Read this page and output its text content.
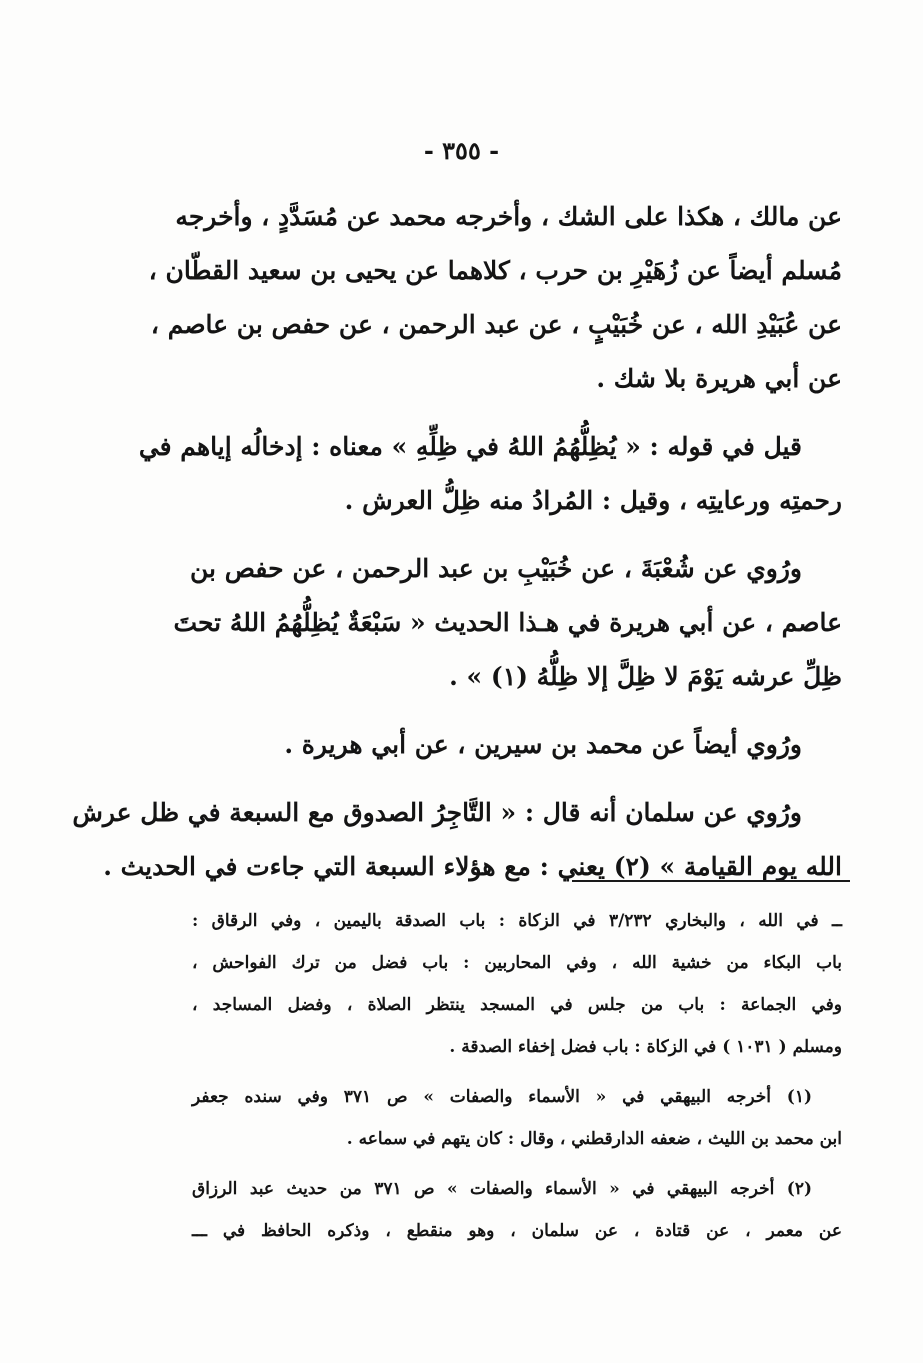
- ٣٥٥ -
عن مالك ، هكذا على الشك ، وأخرجه محمد عن مُسَدَّدٍ ، وأخرجه
مُسلم أيضاً عن زُهَيْرِ بن حرب ، كلاهما عن يحيى بن سعيد القطّان ،
عن عُبَيْدِ الله ، عن خُبَيْبٍ ، عن عبد الرحمن ، عن حفص بن عاصم ،
عن أبي هريرة بلا شك .
قيل في قوله : « يُظِلُّهُمُ اللهُ في ظِلِّهِ » معناه : إدخالُه إياهم في
رحمتِه ورعايتِه ، وقيل : المُرادُ منه ظِلُّ العرش .
ورُوي عن شُعْبَةَ ، عن خُبَيْبِ بن عبد الرحمن ، عن حفص بن
عاصم ، عن أبي هريرة في هـذا الحديث « سَبْعَةٌ يُظِلُّهُمُ اللهُ تحتَ
ظِلِّ عرشه يَوْمَ لا ظِلَّ إلا ظِلُّهُ (١) » .
ورُوي أيضاً عن محمد بن سيرين ، عن أبي هريرة .
ورُوي عن سلمان أنه قال : « التَّاجِرُ الصدوق مع السبعة في ظل عرش
الله يوم القيامة » (٢) يعني : مع هؤلاء السبعة التي جاءت في الحديث .
ــ في الله ، والبخاري ٣/٢٣٢ في الزكاة : باب الصدقة باليمين ، وفي الرقاق :
باب البكاء من خشية الله ، وفي المحاربين : باب فضل من ترك الفواحش ،
وفي الجماعة : باب من جلس في المسجد ينتظر الصلاة ، وفضل المساجد ،
ومسلم ( ١٠٣١ ) في الزكاة : باب فضل إخفاء الصدقة .
(١) أخرجه البيهقي في « الأسماء والصفات » ص ٣٧١ وفي سنده جعفر
ابن محمد بن الليث ، ضعفه الدارقطني ، وقال : كان يتهم في سماعه .
(٢) أخرجه البيهقي في « الأسماء والصفات » ص ٣٧١ من حديث عبد الرزاق
عن معمر ، عن قتادة ، عن سلمان ، وهو منقطع ، وذكره الحافظ في ـــ
